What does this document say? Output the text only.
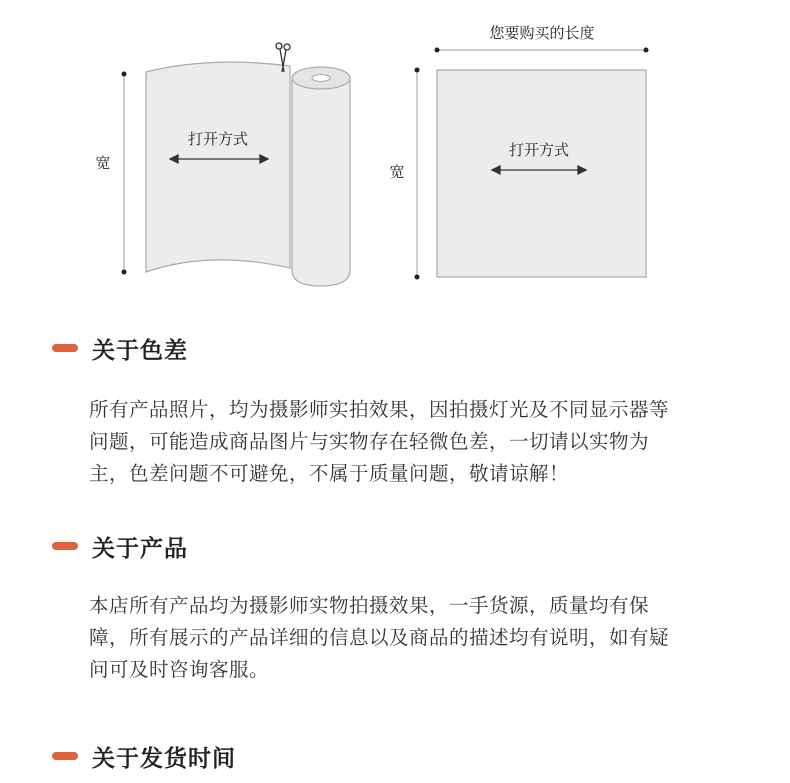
宽
打开方式
您要购买的长度
宽
打开方式
关于色差
所有产品照片，均为摄影师实拍效果，因拍摄灯光及不同显示器等
问题，可能造成商品图片与实物存在轻微色差，一切请以实物为
主，色差问题不可避免，不属于质量问题，敬请谅解！
关于产品
本店所有产品均为摄影师实物拍摄效果，一手货源，质量均有保
障，所有展示的产品详细的信息以及商品的描述均有说明，如有疑
问可及时咨询客服。
关于发货时间
